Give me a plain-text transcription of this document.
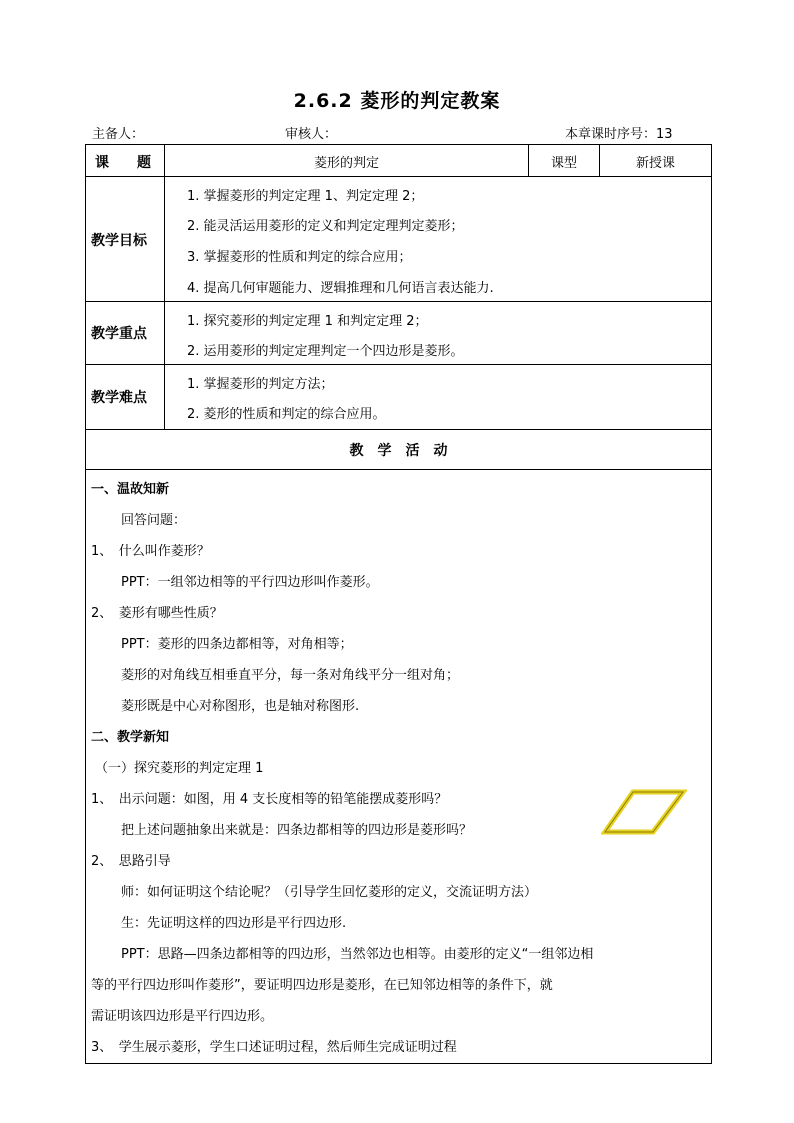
2.6.2 菱形的判定教案
主备人：	审核人：	本章课时序号：13
课　　题	菱形的判定	课型	新授课
教学目标
1. 掌握菱形的判定定理 1、判定定理 2；
2. 能灵活运用菱形的定义和判定定理判定菱形；
3. 掌握菱形的性质和判定的综合应用；
4. 提高几何审题能力、逻辑推理和几何语言表达能力.
教学重点
1. 探究菱形的判定定理 1 和判定定理 2；
2. 运用菱形的判定定理判定一个四边形是菱形。
教学难点
1. 掌握菱形的判定方法；
2. 菱形的性质和判定的综合应用。
教　学　活　动
一、温故知新
回答问题：
1、　什么叫作菱形？
PPT：一组邻边相等的平行四边形叫作菱形。
2、　菱形有哪些性质？
PPT：菱形的四条边都相等，对角相等；
菱形的对角线互相垂直平分，每一条对角线平分一组对角；
菱形既是中心对称图形，也是轴对称图形.
二、教学新知
（一）探究菱形的判定定理 1
1、　出示问题：如图，用 4 支长度相等的铅笔能摆成菱形吗？
把上述问题抽象出来就是：四条边都相等的四边形是菱形吗？
2、　思路引导
师：如何证明这个结论呢？（引导学生回忆菱形的定义，交流证明方法）
生：先证明这样的四边形是平行四边形.
PPT：思路—四条边都相等的四边形，当然邻边也相等。由菱形的定义“一组邻边相
等的平行四边形叫作菱形”，要证明四边形是菱形，在已知邻边相等的条件下，就
需证明该四边形是平行四边形。
3、　学生展示菱形，学生口述证明过程，然后师生完成证明过程
